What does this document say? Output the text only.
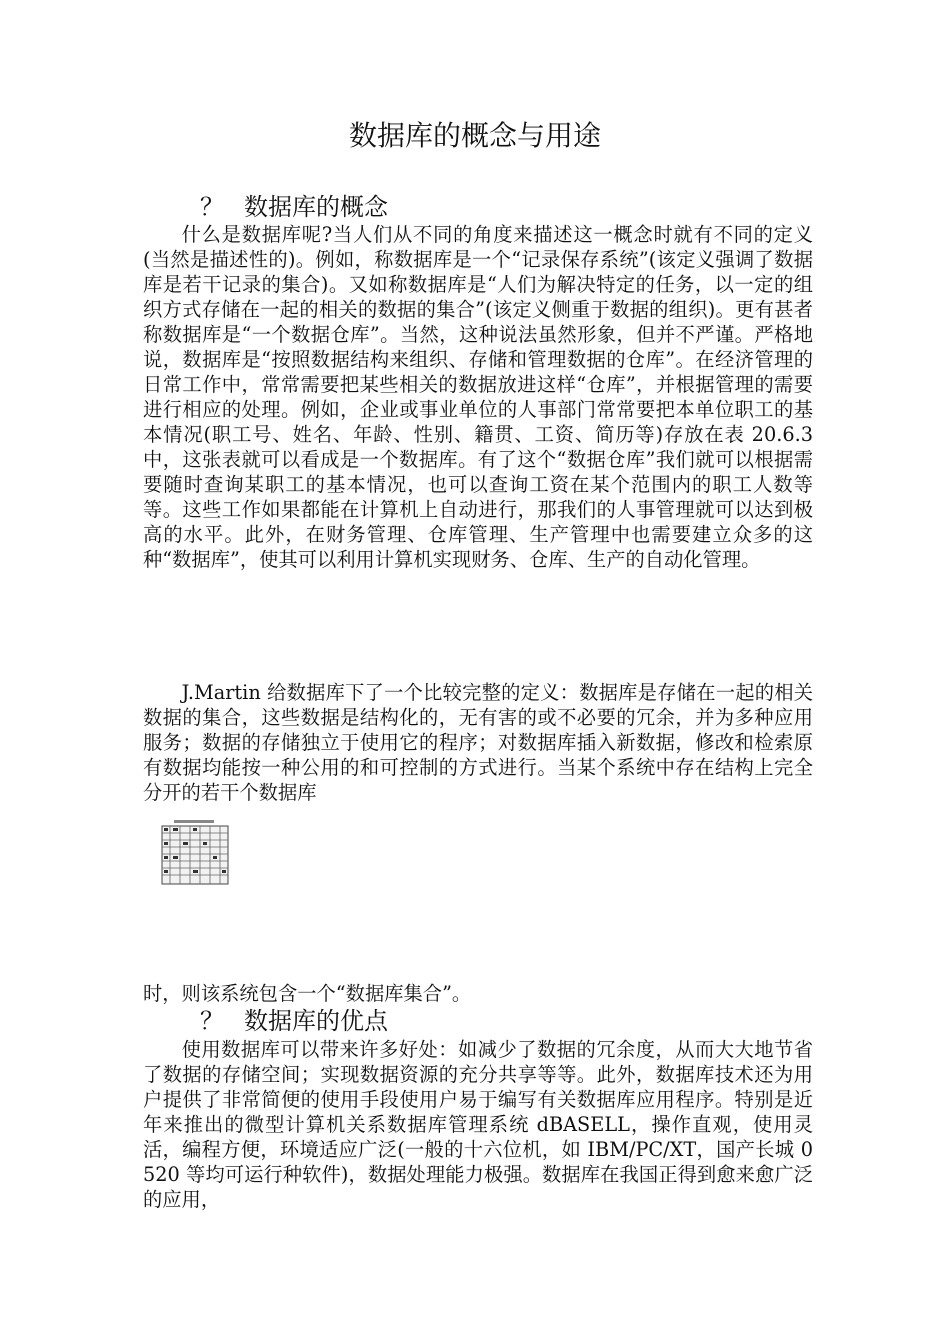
数据库的概念与用途
？ 数据库的概念

什么是数据库呢?当人们从不同的角度来描述这一概念时就有不同的定义(当然是描述性的)。例如，称数据库是一个“记录保存系统”(该定义强调了数据库是若干记录的集合)。又如称数据库是“人们为解决特定的任务，以一定的组织方式存储在一起的相关的数据的集合”(该定义侧重于数据的组织)。更有甚者称数据库是“一个数据仓库”。当然，这种说法虽然形象，但并不严谨。严格地说，数据库是“按照数据结构来组织、存储和管理数据的仓库”。在经济管理的日常工作中，常常需要把某些相关的数据放进这样“仓库”，并根据管理的需要进行相应的处理。例如，企业或事业单位的人事部门常常要把本单位职工的基本情况(职工号、姓名、年龄、性别、籍贯、工资、简历等)存放在表 20.6.3 中，这张表就可以看成是一个数据库。有了这个“数据仓库”我们就可以根据需要随时查询某职工的基本情况，也可以查询工资在某个范围内的职工人数等等。这些工作如果都能在计算机上自动进行，那我们的人事管理就可以达到极高的水平。此外，在财务管理、仓库管理、生产管理中也需要建立众多的这种“数据库”，使其可以利用计算机实现财务、仓库、生产的自动化管理。

J.Martin 给数据库下了一个比较完整的定义：数据库是存储在一起的相关数据的集合，这些数据是结构化的，无有害的或不必要的冗余，并为多种应用服务；数据的存储独立于使用它的程序；对数据库插入新数据，修改和检索原有数据均能按一种公用的和可控制的方式进行。当某个系统中存在结构上完全分开的若干个数据库

时，则该系统包含一个“数据库集合”。

？ 数据库的优点

使用数据库可以带来许多好处：如减少了数据的冗余度，从而大大地节省了数据的存储空间；实现数据资源的充分共享等等。此外，数据库技术还为用户提供了非常简便的使用手段使用户易于编写有关数据库应用程序。特别是近年来推出的微型计算机关系数据库管理系统 dBASELL，操作直观，使用灵活，编程方便，环境适应广泛(一般的十六位机，如 IBM/PC/XT，国产长城 0520 等均可运行种软件)，数据处理能力极强。数据库在我国正得到愈来愈广泛的应用，
